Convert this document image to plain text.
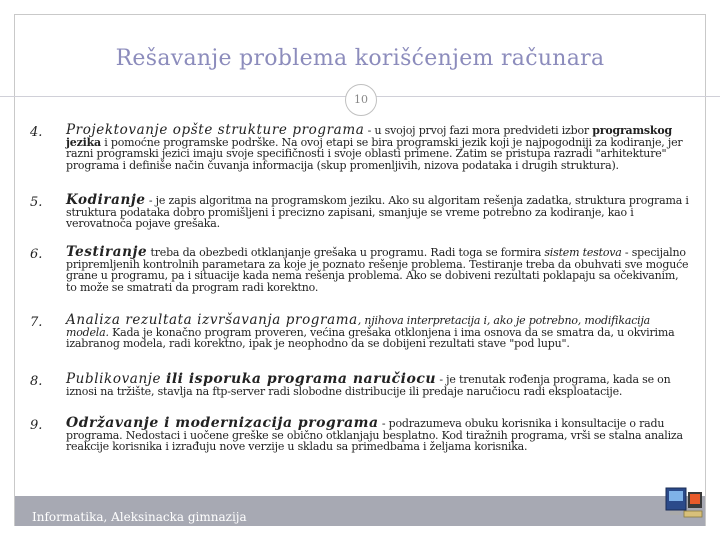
Rešavanje problema korišćenjem računara
10
4. Projektovanje opšte strukture programa - u svojoj prvoj fazi mora predvideti izbor programskog jezika i pomoćne programske podrške. Na ovoj etapi se bira programski jezik koji je najpogodniji za kodiranje, jer razni programski jezici imaju svoje specifičnosti i svoje oblasti primene. Zatim se pristupa razradi "arhitekture" programa i definiše način čuvanja informacija (skup promenljivih, nizova podataka i drugih struktura).
5. Kodiranje - je zapis algoritma na programskom jeziku. Ako su algoritam rešenja zadatka, struktura programa i struktura podataka dobro promišljeni i precizno zapisani, smanjuje se vreme potrebno za kodiranje, kao i verovatnoća pojave grešaka.
6. Testiranje treba da obezbedi otklanjanje grešaka u programu. Radi toga se formira sistem testova - specijalno pripremljenih kontrolnih parametara za koje je poznato rešenje problema. Testiranje treba da obuhvati sve moguće grane u programu, pa i situacije kada nema rešenja problema. Ako se dobiveni rezultati poklapaju sa očekivanim, to može se smatrati da program radi korektno.
7. Analiza rezultata izvršavanja programa, njihova interpretacija i, ako je potrebno, modifikacija modela. Kada je konačno program proveren, većina grešaka otklonjena i ima osnova da se smatra da, u okvirima izabranog modela, radi korektno, ipak je neophodno da se dobijeni rezultati stave "pod lupu".
8. Publikovanje ili isporuka programa naručiocu - je trenutak rođenja programa, kada se on iznosi na tržište, stavlja na ftp-server radi slobodne distribucije ili predaje naručiocu radi eksploatacije.
9. Održavanje i modernizacija programa - podrazumeva obuku korisnika i konsultacije o radu programa. Nedostaci i uočene greške se obično otklanjaju besplatno. Kod tiražnih programa, vrši se stalna analiza reakcije korisnika i izrađuju nove verzije u skladu sa primedbama i željama korisnika.
Informatika, Aleksinacka gimnazija
